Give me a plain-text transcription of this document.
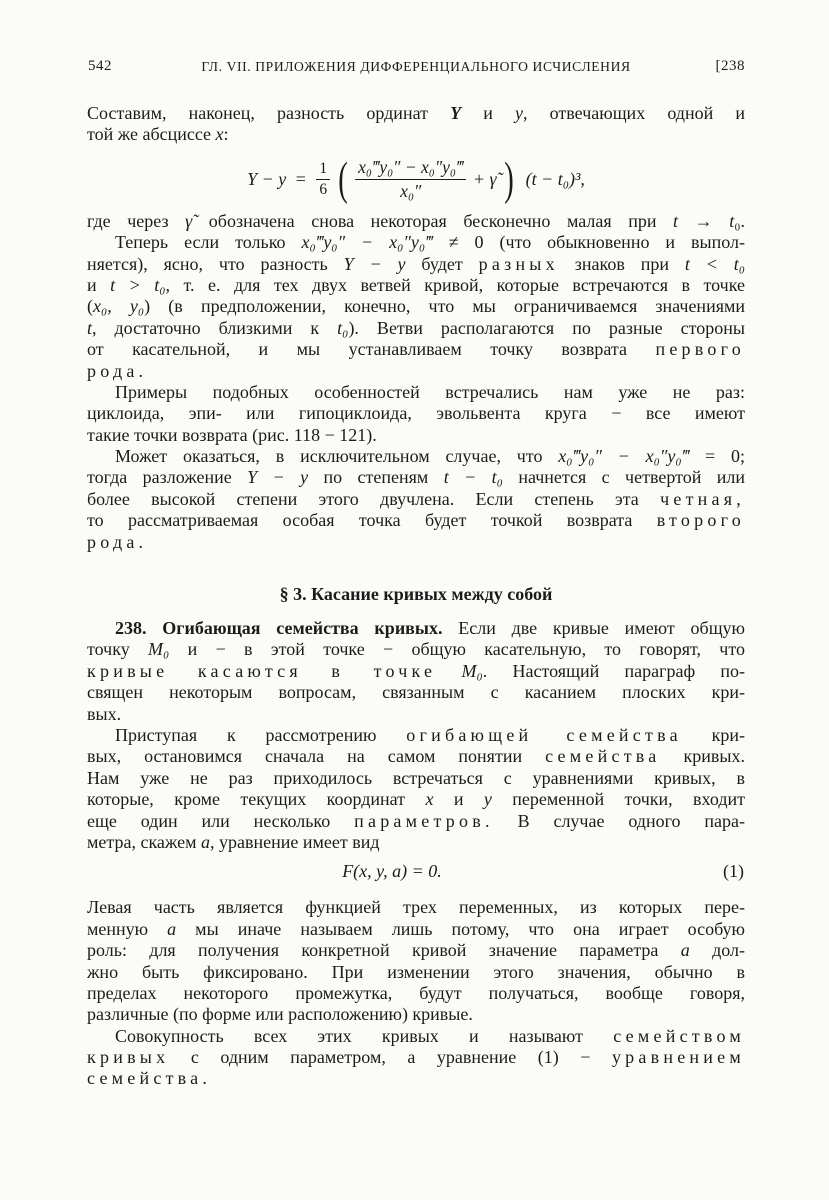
542	ГЛ. VII. ПРИЛОЖЕНИЯ ДИФФЕРЕНЦИАЛЬНОГО ИСЧИСЛЕНИЯ	[238
Составим, наконец, разность ординат Y и y, отвечающих одной и
той же абсциссе x:
$Y - y = \frac{1}{6}$ ( $\frac{\text{x₀‴y₀″ − x₀″y₀‴}}{\text{x₀″}}$ + γ̃ ) (t − t₀)³,
где через γ̃ обозначена снова некоторая бесконечно малая при t → t₀.
Теперь если только x₀‴y₀″ − x₀″y₀‴ ≠ 0 (что обыкновенно и выпол-
няется), ясно, что разность Y − y будет разных знаков при t < t₀
и t > t₀, т. е. для тех двух ветвей кривой, которые встречаются в точке
(x₀, y₀) (в предположении, конечно, что мы ограничиваемся значениями
t, достаточно близкими к t₀). Ветви располагаются по разные стороны
от касательной, и мы устанавливаем точку возврата первого
рода.
Примеры подобных особенностей встречались нам уже не раз:
циклоида, эпи- или гипоциклоида, эвольвента круга − все имеют
такие точки возврата (рис. 118 − 121).
Может оказаться, в исключительном случае, что x₀‴y₀″ − x₀″y₀‴ = 0;
тогда разложение Y − y по степеням t − t₀ начнется с четвертой или
более высокой степени этого двучлена. Если степень эта четная,
то рассматриваемая особая точка будет точкой возврата второго
рода.
§ 3. Касание кривых между собой
238. Огибающая семейства кривых. Если две кривые имеют общую
точку M₀ и − в этой точке − общую касательную, то говорят, что
кривые касаются в точке M₀. Настоящий параграф по-
священ некоторым вопросам, связанным с касанием плоских кри-
вых.
Приступая к рассмотрению огибающей семейства кри-
вых, остановимся сначала на самом понятии семейства кривых.
Нам уже не раз приходилось встречаться с уравнениями кривых, в
которые, кроме текущих координат x и y переменной точки, входит
еще один или несколько параметров. В случае одного пара-
метра, скажем a, уравнение имеет вид
F(x, y, a) = 0.	(1)
Левая часть является функцией трех переменных, из которых пере-
менную a мы иначе называем лишь потому, что она играет особую
роль: для получения конкретной кривой значение параметра a дол-
жно быть фиксировано. При изменении этого значения, обычно в
пределах некоторого промежутка, будут получаться, вообще говоря,
различные (по форме или расположению) кривые.
Совокупность всех этих кривых и называют семейством
кривых с одним параметром, а уравнение (1) − уравнением
семейства.
